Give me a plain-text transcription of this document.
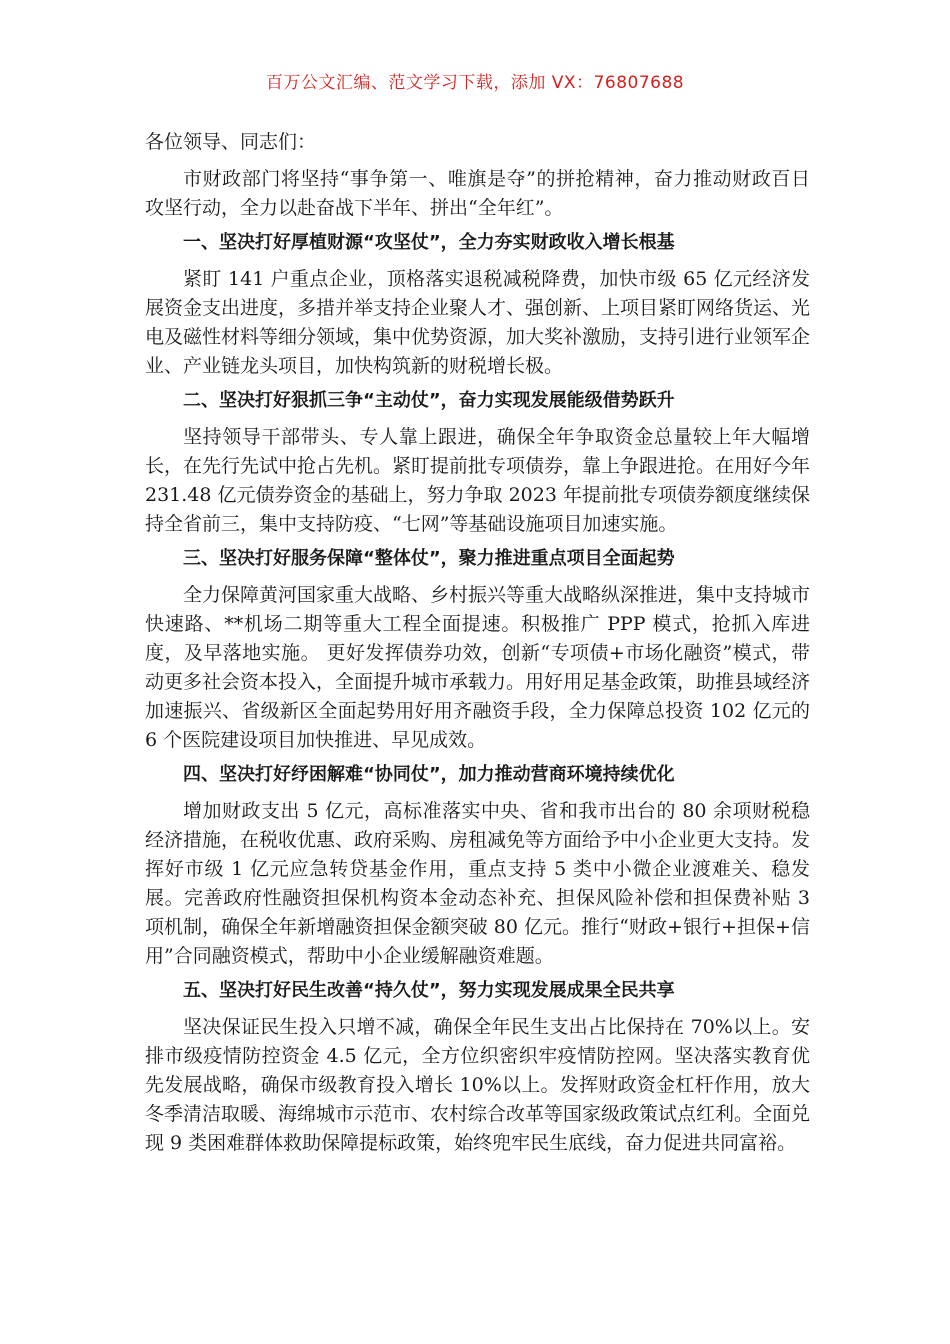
百万公文汇编、范文学习下载，添加 VX：76807688

各位领导、同志们：

市财政部门将坚持“事争第一、唯旗是夺”的拼抢精神，奋力推动财政百日攻坚行动，全力以赴奋战下半年、拼出“全年红”。

一、坚决打好厚植财源“攻坚仗”，全力夯实财政收入增长根基

紧盯 141 户重点企业，顶格落实退税减税降费，加快市级 65 亿元经济发展资金支出进度，多措并举支持企业聚人才、强创新、上项目紧盯网络货运、光电及磁性材料等细分领域，集中优势资源，加大奖补激励，支持引进行业领军企业、产业链龙头项目，加快构筑新的财税增长极。

二、坚决打好狠抓三争“主动仗”，奋力实现发展能级借势跃升

坚持领导干部带头、专人靠上跟进，确保全年争取资金总量较上年大幅增长，在先行先试中抢占先机。紧盯提前批专项债券，靠上争跟进抢。在用好今年 231.48 亿元债券资金的基础上，努力争取 2023 年提前批专项债券额度继续保持全省前三，集中支持防疫、“七网”等基础设施项目加速实施。

三、坚决打好服务保障“整体仗”，聚力推进重点项目全面起势

全力保障黄河国家重大战略、乡村振兴等重大战略纵深推进，集中支持城市快速路、**机场二期等重大工程全面提速。积极推广 PPP 模式，抢抓入库进度，及早落地实施。 更好发挥债券功效，创新“专项债+市场化融资”模式，带动更多社会资本投入，全面提升城市承载力。用好用足基金政策，助推县域经济加速振兴、省级新区全面起势用好用齐融资手段，全力保障总投资 102 亿元的 6 个医院建设项目加快推进、早见成效。

四、坚决打好纾困解难“协同仗”，加力推动营商环境持续优化

增加财政支出 5 亿元，高标准落实中央、省和我市出台的 80 余项财税稳经济措施，在税收优惠、政府采购、房租减免等方面给予中小企业更大支持。发挥好市级 1 亿元应急转贷基金作用，重点支持 5 类中小微企业渡难关、稳发展。完善政府性融资担保机构资本金动态补充、担保风险补偿和担保费补贴 3 项机制，确保全年新增融资担保金额突破 80 亿元。推行“财政+银行+担保+信用”合同融资模式，帮助中小企业缓解融资难题。

五、坚决打好民生改善“持久仗”，努力实现发展成果全民共享

坚决保证民生投入只增不减，确保全年民生支出占比保持在 70%以上。安排市级疫情防控资金 4.5 亿元，全方位织密织牢疫情防控网。坚决落实教育优先发展战略，确保市级教育投入增长 10%以上。发挥财政资金杠杆作用，放大冬季清洁取暖、海绵城市示范市、农村综合改革等国家级政策试点红利。全面兑现 9 类困难群体救助保障提标政策，始终兜牢民生底线，奋力促进共同富裕。
